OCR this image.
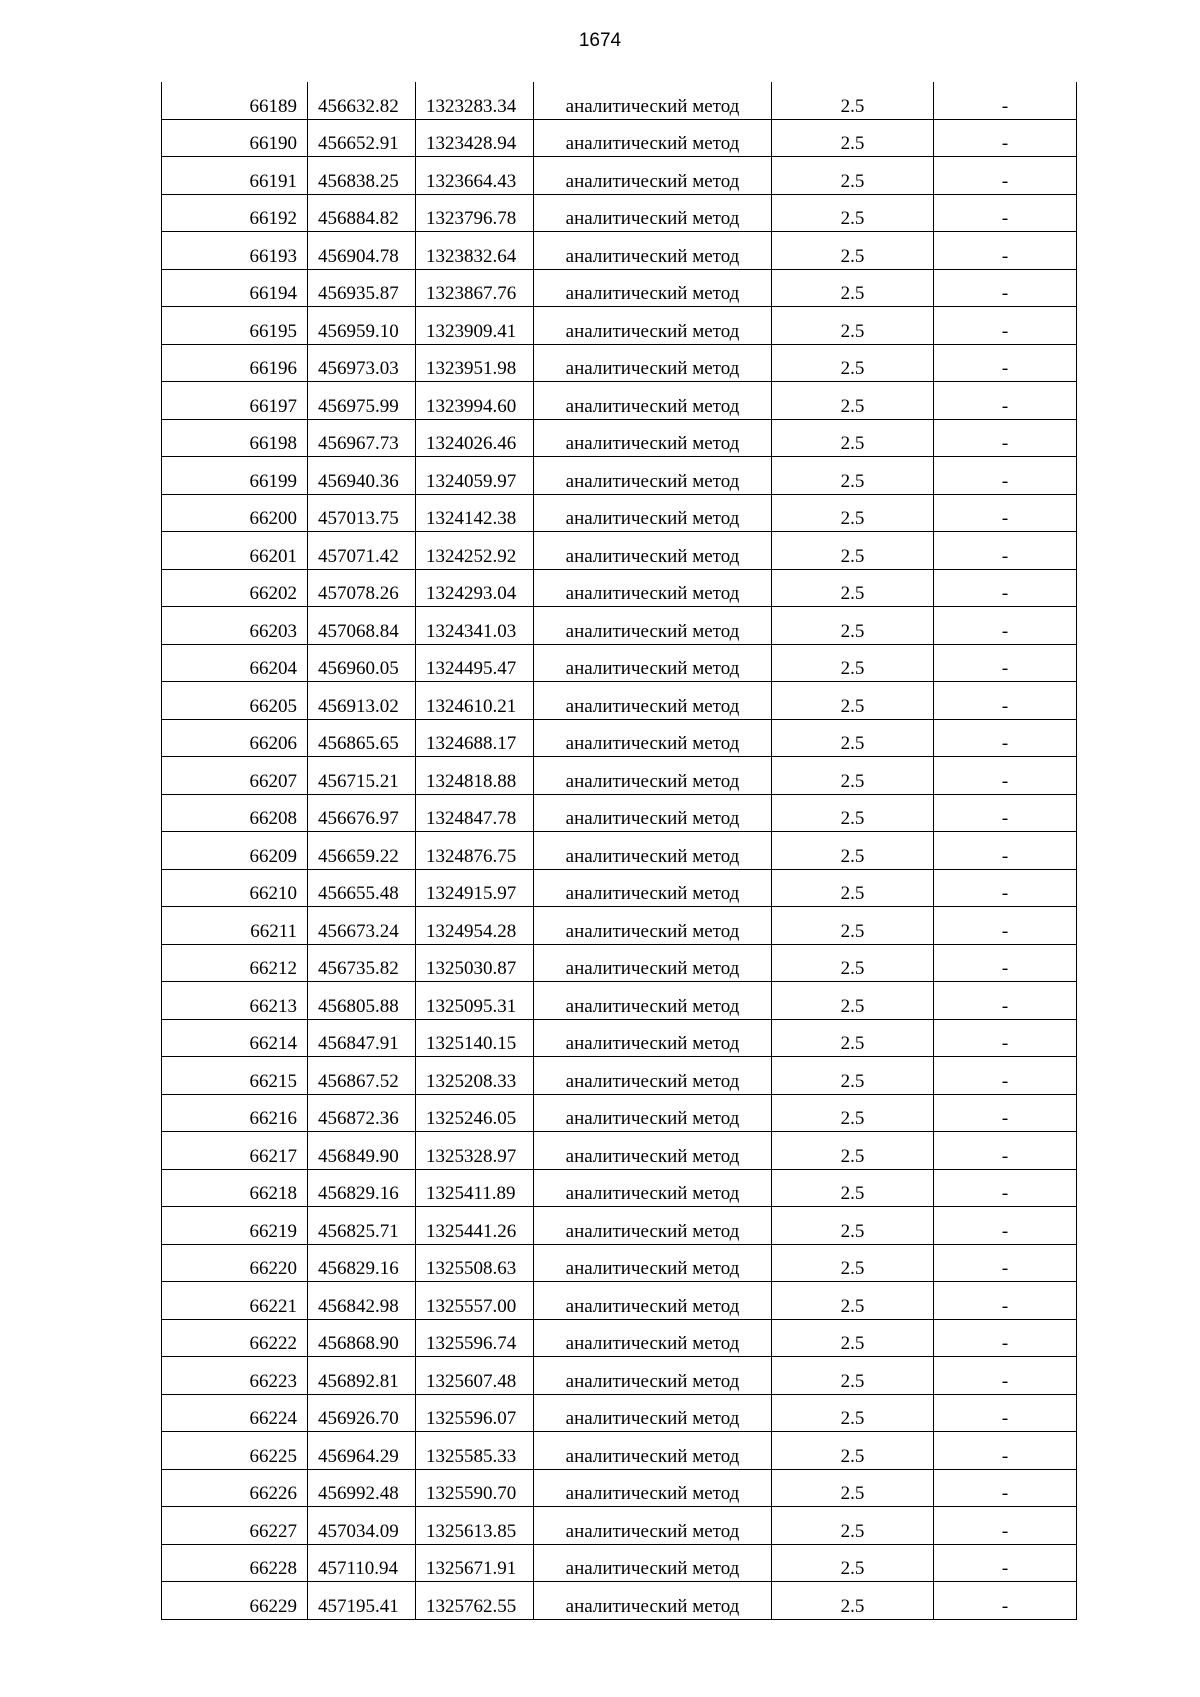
1674
66189	456632.82	1323283.34	аналитический метод	2.5	-

66190	456652.91	1323428.94	аналитический метод	2.5	-

66191	456838.25	1323664.43	аналитический метод	2.5	-

66192	456884.82	1323796.78	аналитический метод	2.5	-

66193	456904.78	1323832.64	аналитический метод	2.5	-

66194	456935.87	1323867.76	аналитический метод	2.5	-

66195	456959.10	1323909.41	аналитический метод	2.5	-

66196	456973.03	1323951.98	аналитический метод	2.5	-

66197	456975.99	1323994.60	аналитический метод	2.5	-

66198	456967.73	1324026.46	аналитический метод	2.5	-

66199	456940.36	1324059.97	аналитический метод	2.5	-

66200	457013.75	1324142.38	аналитический метод	2.5	-

66201	457071.42	1324252.92	аналитический метод	2.5	-

66202	457078.26	1324293.04	аналитический метод	2.5	-

66203	457068.84	1324341.03	аналитический метод	2.5	-

66204	456960.05	1324495.47	аналитический метод	2.5	-

66205	456913.02	1324610.21	аналитический метод	2.5	-

66206	456865.65	1324688.17	аналитический метод	2.5	-

66207	456715.21	1324818.88	аналитический метод	2.5	-

66208	456676.97	1324847.78	аналитический метод	2.5	-

66209	456659.22	1324876.75	аналитический метод	2.5	-

66210	456655.48	1324915.97	аналитический метод	2.5	-

66211	456673.24	1324954.28	аналитический метод	2.5	-

66212	456735.82	1325030.87	аналитический метод	2.5	-

66213	456805.88	1325095.31	аналитический метод	2.5	-

66214	456847.91	1325140.15	аналитический метод	2.5	-

66215	456867.52	1325208.33	аналитический метод	2.5	-

66216	456872.36	1325246.05	аналитический метод	2.5	-

66217	456849.90	1325328.97	аналитический метод	2.5	-

66218	456829.16	1325411.89	аналитический метод	2.5	-

66219	456825.71	1325441.26	аналитический метод	2.5	-

66220	456829.16	1325508.63	аналитический метод	2.5	-

66221	456842.98	1325557.00	аналитический метод	2.5	-

66222	456868.90	1325596.74	аналитический метод	2.5	-

66223	456892.81	1325607.48	аналитический метод	2.5	-

66224	456926.70	1325596.07	аналитический метод	2.5	-

66225	456964.29	1325585.33	аналитический метод	2.5	-

66226	456992.48	1325590.70	аналитический метод	2.5	-

66227	457034.09	1325613.85	аналитический метод	2.5	-

66228	457110.94	1325671.91	аналитический метод	2.5	-

66229	457195.41	1325762.55	аналитический метод	2.5	-
